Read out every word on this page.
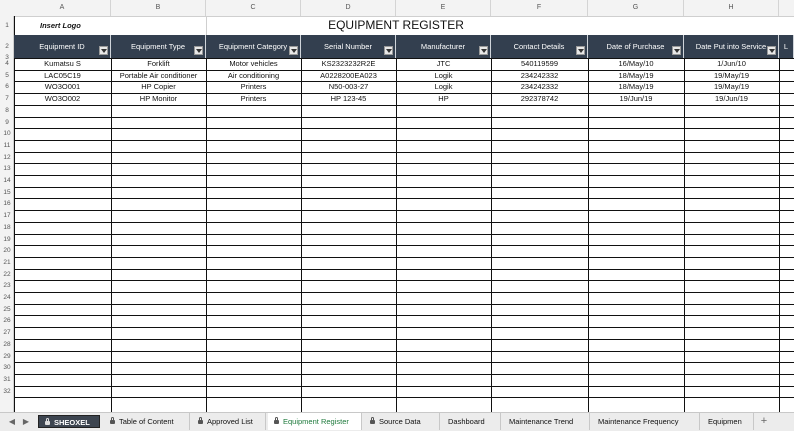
A	B	C	D	E	F	G	H
1
2
3
4
5
6
7
8
9
10
11
12
13
14
15
16
17
18
19
20
21
22
23
24
25
26
27
28
29
30
31
32
Insert Logo	EQUIPMENT REGISTER
Equipment ID	Equipment Type	Equipment Category	Serial Number	Manufacturer	Contact Details	Date of Purchase	Date Put into Service	L
Kumatsu S	Forklift	Motor vehicles	KS2323232R2E	JTC	540119599	16/May/10	1/Jun/10
LAC05C19	Portable Air conditioner	Air conditioning	A0228200EA023	Logik	234242332	18/May/19	19/May/19
WO3O001	HP Copier	Printers	N50-003-27	Logik	234242332	18/May/19	19/May/19
WO3O002	HP Monitor	Printers	HP 123-45	HP	292378742	19/Jun/19	19/Jun/19
◀ ▶	SHEOXEL	Table of Content	Approved List	Equipment Register	Source Data	Dashboard	Maintenance Trend	Maintenance Frequency	Equipmen	+
